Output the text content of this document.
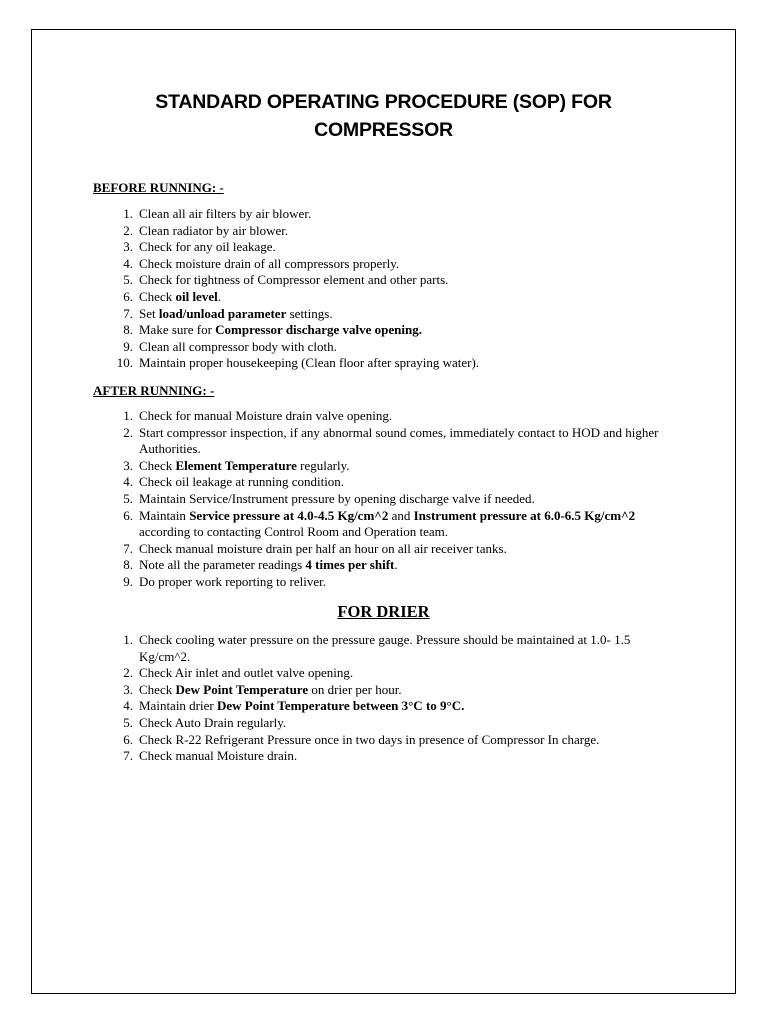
STANDARD OPERATING PROCEDURE (SOP) FOR
COMPRESSOR
BEFORE RUNNING: -
1. Clean all air filters by air blower.
2. Clean radiator by air blower.
3. Check for any oil leakage.
4. Check moisture drain of all compressors properly.
5. Check for tightness of Compressor element and other parts.
6. Check oil level.
7. Set load/unload parameter settings.
8. Make sure for Compressor discharge valve opening.
9. Clean all compressor body with cloth.
10. Maintain proper housekeeping (Clean floor after spraying water).
AFTER RUNNING: -
1. Check for manual Moisture drain valve opening.
2. Start compressor inspection, if any abnormal sound comes, immediately contact to HOD and higher Authorities.
3. Check Element Temperature regularly.
4. Check oil leakage at running condition.
5. Maintain Service/Instrument pressure by opening discharge valve if needed.
6. Maintain Service pressure at 4.0-4.5 Kg/cm^2 and Instrument pressure at 6.0-6.5 Kg/cm^2 according to contacting Control Room and Operation team.
7. Check manual moisture drain per half an hour on all air receiver tanks.
8. Note all the parameter readings 4 times per shift.
9. Do proper work reporting to reliver.
FOR DRIER
1. Check cooling water pressure on the pressure gauge. Pressure should be maintained at 1.0- 1.5 Kg/cm^2.
2. Check Air inlet and outlet valve opening.
3. Check Dew Point Temperature on drier per hour.
4. Maintain drier Dew Point Temperature between 3°C to 9°C.
5. Check Auto Drain regularly.
6. Check R-22 Refrigerant Pressure once in two days in presence of Compressor In charge.
7. Check manual Moisture drain.
